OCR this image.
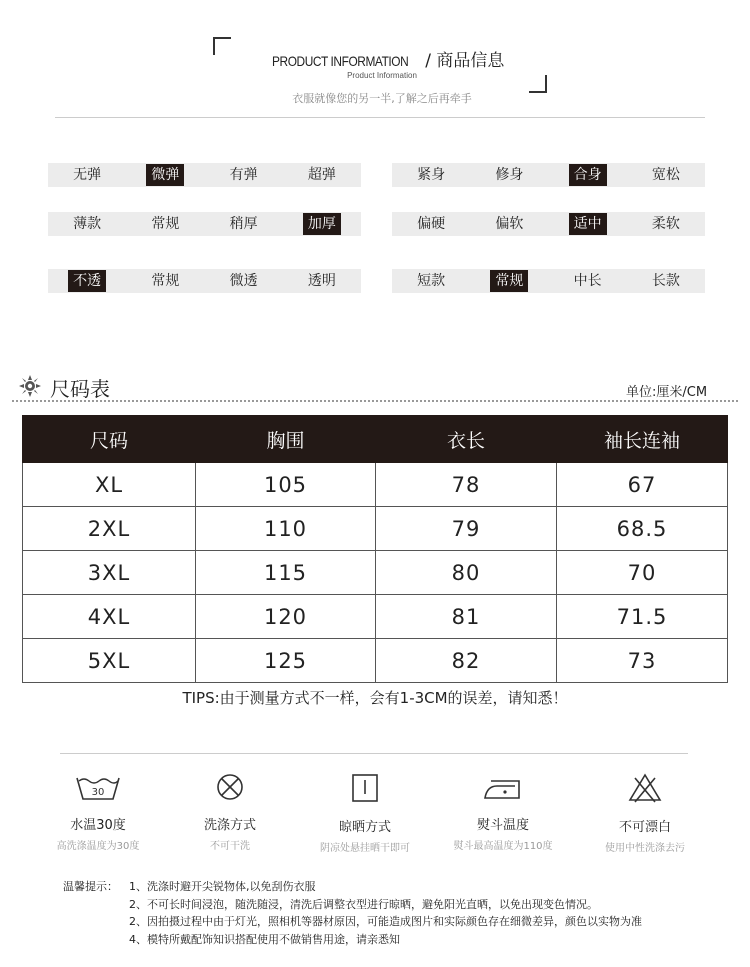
PRODUCT INFORMATION / 商品信息
Product Information
衣服就像您的另一半,了解之后再牵手
无弹	微弹	有弹	超弹
薄款	常规	稍厚	加厚
不透	常规	微透	透明
紧身	修身	合身	宽松
偏硬	偏软	适中	柔软
短款	常规	中长	长款
尺码表	单位:厘米/CM
尺码	胸围	衣长	袖长连袖
XL	105	78	67
2XL	110	79	68.5
3XL	115	80	70
4XL	120	81	71.5
5XL	125	82	73
TIPS:由于测量方式不一样，会有1-3CM的误差，请知悉！
30
水温30度
高洗涤温度为30度
洗涤方式
不可干洗
晾晒方式
阴凉处悬挂晒干即可
熨斗温度
熨斗最高温度为110度
不可漂白
使用中性洗涤去污
温馨提示：	1、洗涤时避开尖锐物体,以免刮伤衣服
2、不可长时间浸泡，随洗随浸，清洗后调整衣型进行晾晒，避免阳光直晒，以免出现变色情况。
2、因拍摄过程中由于灯光，照相机等器材原因，可能造成图片和实际颜色存在细微差异，颜色以实物为准
4、模特所戴配饰知识搭配使用不做销售用途，请亲悉知
